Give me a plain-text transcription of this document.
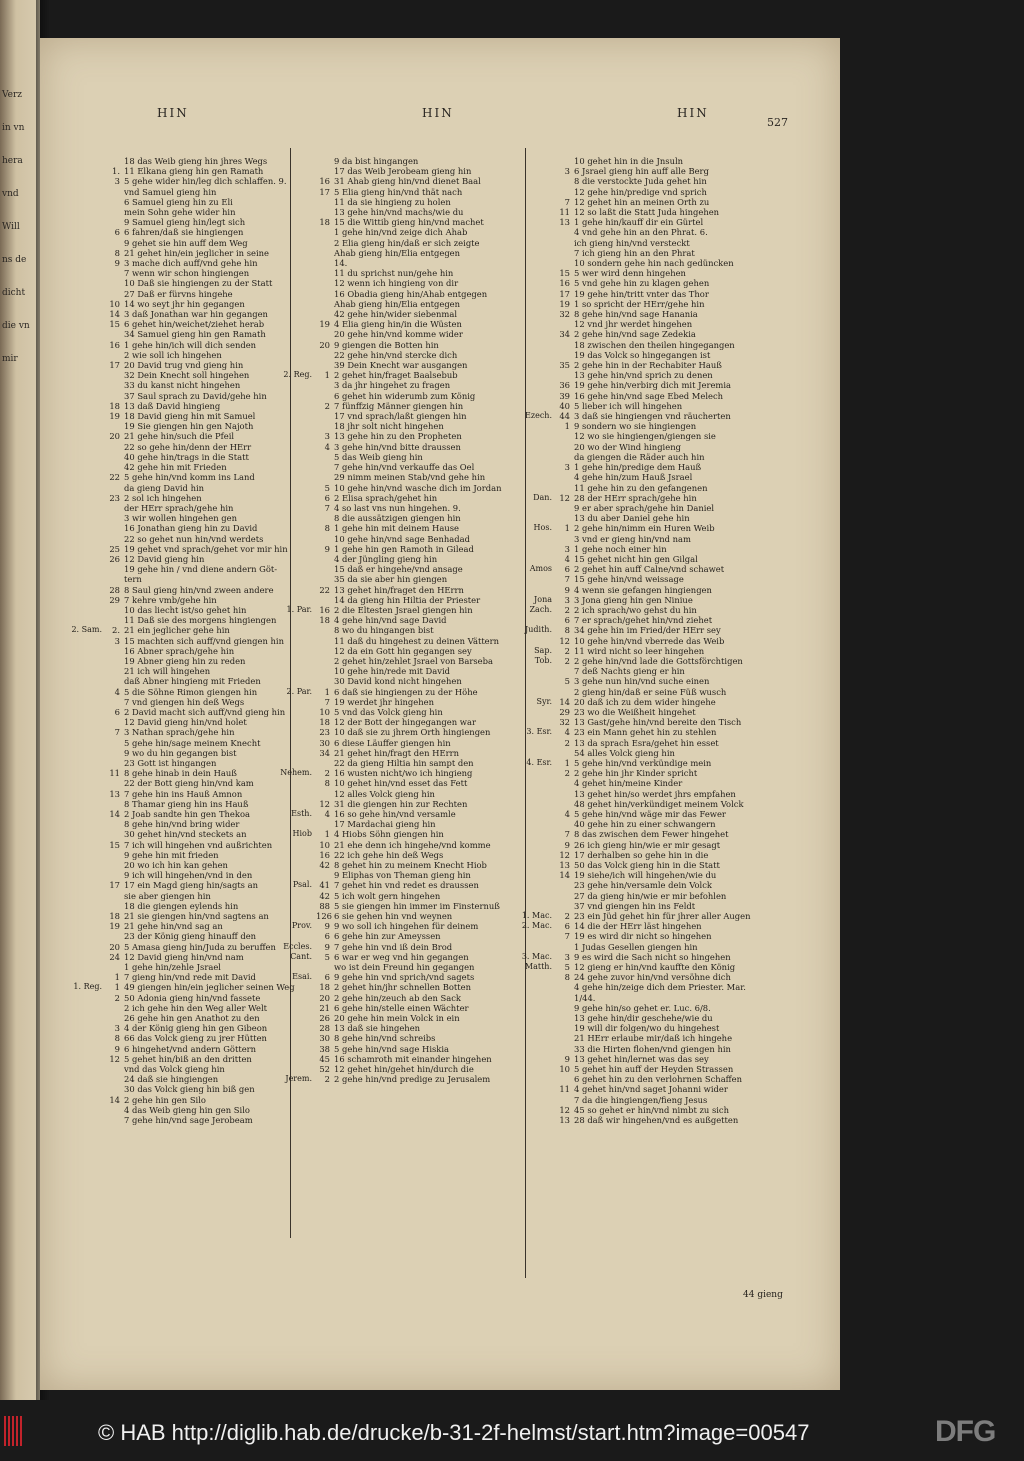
Verz

in vn

hera

vnd

Will

ns de

dicht

die vn

mir
HIN	HIN	HIN
527
18 das Weib gieng hin jhres Wegs
1. 11 Elkana gieng hin gen Ramath
3 5 gehe wider hin/leg dich schlaffen. 9.
vnd Samuel gieng hin
6 Samuel gieng hin zu Eli
mein Sohn gehe wider hin
9 Samuel gieng hin/legt sich
6 6 fahren/daß sie hingiengen
9 gehet sie hin auff dem Weg
8 21 gehet hin/ein jeglicher in seine
9 3 mache dich auff/vnd gehe hin
7 wenn wir schon hingiengen
10 Daß sie hingiengen zu der Statt
27 Daß er fürvns hingehe
10 14 wo seyt jhr hin gegangen
14 3 daß Jonathan war hin gegangen
15 6 gehet hin/weichet/ziehet herab
34 Samuel gieng hin gen Ramath
16 1 gehe hin/ich will dich senden
2 wie soll ich hingehen
17 20 David trug vnd gieng hin
32 Dein Knecht soll hingehen
33 du kanst nicht hingehen
37 Saul sprach zu David/gehe hin
18 13 daß David hingieng
19 18 David gieng hin mit Samuel
19 Sie giengen hin gen Najoth
20 21 gehe hin/such die Pfeil
22 so gehe hin/denn der HErr
40 gehe hin/trags in die Statt
42 gehe hin mit Frieden
22 5 gehe hin/vnd komm ins Land
da gieng David hin
23 2 sol ich hingehen
der HErr sprach/gehe hin
3 wir wollen hingehen gen
16 Jonathan gieng hin zu David
22 so gehet nun hin/vnd werdets
25 19 gehet vnd sprach/gehet vor mir hin
26 12 David gieng hin
19 gehe hin / vnd diene andern Göt-
tern
28 8 Saul gieng hin/vnd zween andere
29 7 kehre vmb/gehe hin
10 das liecht ist/so gehet hin
11 Daß sie des morgens hingiengen
2. Sam. 2. 21 ein jeglicher gehe hin
3 15 machten sich auff/vnd giengen hin
16 Abner sprach/gehe hin
19 Abner gieng hin zu reden
21 ich will hingehen
daß Abner hingieng mit Frieden
4 5 die Söhne Rimon giengen hin
7 vnd giengen hin deß Wegs
6 2 David macht sich auff/vnd gieng hin
12 David gieng hin/vnd holet
7 3 Nathan sprach/gehe hin
5 gehe hin/sage meinem Knecht
9 wo du hin gegangen bist
23 Gott ist hingangen
11 8 gehe hinab in dein Hauß
22 der Bott gieng hin/vnd kam
13 7 gehe hin ins Hauß Amnon
8 Thamar gieng hin ins Hauß
14 2 Joab sandte hin gen Thekoa
8 gehe hin/vnd bring wider
30 gehet hin/vnd steckets an
15 7 ich will hingehen vnd außrichten
9 gehe hin mit frieden
20 wo ich hin kan gehen
9 ich will hingehen/vnd in den
17 17 ein Magd gieng hin/sagts an
sie aber giengen hin
18 die giengen eylends hin
18 21 sie giengen hin/vnd sagtens an
19 21 gehe hin/vnd sag an
23 der König gieng hinauff den
20 5 Amasa gieng hin/Juda zu beruffen
24 12 David gieng hin/vnd nam
1 gehe hin/zehle Jsrael
1 7 gieng hin/vnd rede mit David
1. Reg. 1 49 giengen hin/ein jeglicher seinen Weg
2 50 Adonia gieng hin/vnd fassete
2 ich gehe hin den Weg aller Welt
26 gehe hin gen Anathot zu den
3 4 der König gieng hin gen Gibeon
8 66 das Volck gieng zu jrer Hütten
9 6 hingehet/vnd andern Göttern
12 5 gehet hin/biß an den dritten
vnd das Volck gieng hin
24 daß sie hingiengen
30 das Volck gieng hin biß gen
14 2 gehe hin gen Silo
4 das Weib gieng hin gen Silo
7 gehe hin/vnd sage Jerobeam
9 da bist hingangen
17 das Weib Jerobeam gieng hin
16 31 Ahab gieng hin/vnd dienet Baal
17 5 Elia gieng hin/vnd thät nach
11 da sie hingieng zu holen
13 gehe hin/vnd machs/wie du
18 15 die Wittib gieng hin/vnd machet
1 gehe hin/vnd zeige dich Ahab
2 Elia gieng hin/daß er sich zeigte
Ahab gieng hin/Elia entgegen
14.
11 du sprichst nun/gehe hin
12 wenn ich hingieng von dir
16 Obadia gieng hin/Ahab entgegen
Ahab gieng hin/Elia entgegen
42 gehe hin/wider siebenmal
19 4 Elia gieng hin/in die Wüsten
20 gehe hin/vnd komme wider
20 9 giengen die Botten hin
22 gehe hin/vnd stercke dich
39 Dein Knecht war ausgangen
2. Reg. 1 2 gehet hin/fraget Baalsebub
3 da jhr hingehet zu fragen
6 gehet hin widerumb zum König
2 7 fünffzig Männer giengen hin
17 vnd sprach/laßt giengen hin
18 jhr solt nicht hingehen
3 13 gehe hin zu den Propheten
4 3 gehe hin/vnd bitte draussen
5 das Weib gieng hin
7 gehe hin/vnd verkauffe das Oel
29 nimm meinen Stab/vnd gehe hin
5 10 gehe hin/vnd wasche dich im Jordan
6 2 Elisa sprach/gehet hin
7 4 so last vns nun hingehen. 9.
8 die aussätzigen giengen hin
8 1 gehe hin mit deinem Hause
10 gehe hin/vnd sage Benhadad
9 1 gehe hin gen Ramoth in Gilead
4 der Jüngling gieng hin
15 daß er hingehe/vnd ansage
35 da sie aber hin giengen
22 13 gehet hin/fraget den HErrn
14 da gieng hin Hiltia der Priester
1. Par. 16 2 die Eltesten Jsrael giengen hin
18 4 gehe hin/vnd sage David
8 wo du hingangen bist
11 daß du hingehest zu deinen Vättern
12 da ein Gott hin gegangen sey
2 gehet hin/zehlet Jsrael von Barseba
10 gehe hin/rede mit David
30 David kond nicht hingehen
2. Par. 1 6 daß sie hingiengen zu der Höhe
7 19 werdet jhr hingehen
10 5 vnd das Volck gieng hin
18 12 der Bott der hingegangen war
23 10 daß sie zu jhrem Orth hingiengen
30 6 diese Läuffer giengen hin
34 21 gehet hin/fragt den HErrn
22 da gieng Hiltia hin sampt den
Nehem. 2 16 wusten nicht/wo ich hingieng
8 10 gehet hin/vnd esset das Fett
12 alles Volck gieng hin
12 31 die giengen hin zur Rechten
Esth. 4 16 so gehe hin/vnd versamle
17 Mardachai gieng hin
Hiob 1 4 Hiobs Söhn giengen hin
10 21 ehe denn ich hingehe/vnd komme
16 22 ich gehe hin deß Wegs
42 8 gehet hin zu meinem Knecht Hiob
9 Eliphas von Theman gieng hin
Psal. 41 7 gehet hin vnd redet es draussen
42 5 ich wolt gern hingehen
88 5 sie giengen hin immer im Finsternuß
126 6 sie gehen hin vnd weynen
Prov. 9 9 wo soll ich hingehen für deinem
6 6 gehe hin zur Ameyssen
Eccles. 9 7 gehe hin vnd iß dein Brod
Cant. 5 6 war er weg vnd hin gegangen
wo ist dein Freund hin gegangen
Esai. 6 9 gehe hin vnd sprich/vnd sagets
18 2 gehet hin/jhr schnellen Botten
20 2 gehe hin/zeuch ab den Sack
21 6 gehe hin/stelle einen Wächter
26 20 gehe hin mein Volck in ein
28 13 daß sie hingehen
30 8 gehe hin/vnd schreibs
38 5 gehe hin/vnd sage Hiskia
45 16 schamroth mit einander hingehen
52 12 gehet hin/gehet hin/durch die
Jerem. 2 2 gehe hin/vnd predige zu Jerusalem
10 gehet hin in die Jnsuln
3 6 Jsrael gieng hin auff alle Berg
8 die verstockte Juda gehet hin
12 gehe hin/predige vnd sprich
7 12 gehet hin an meinen Orth zu
11 12 so laßt die Statt Juda hingehen
13 1 gehe hin/kauff dir ein Gürtel
4 vnd gehe hin an den Phrat. 6.
ich gieng hin/vnd versteckt
7 ich gieng hin an den Phrat
10 sondern gehe hin nach gedüncken
15 5 wer wird denn hingehen
16 5 vnd gehe hin zu klagen gehen
17 19 gehe hin/tritt vnter das Thor
19 1 so spricht der HErr/gehe hin
32 8 gehe hin/vnd sage Hanania
12 vnd jhr werdet hingehen
34 2 gehe hin/vnd sage Zedekia
18 zwischen den theilen hingegangen
19 das Volck so hingegangen ist
35 2 gehe hin in der Rechabiter Hauß
13 gehe hin/vnd sprich zu denen
36 19 gehe hin/verbirg dich mit Jeremia
39 16 gehe hin/vnd sage Ebed Melech
40 5 lieber ich will hingehen
Ezech. 44 3 daß sie hingiengen vnd räucherten
1 9 sondern wo sie hingiengen
12 wo sie hingiengen/giengen sie
20 wo der Wind hingieng
da giengen die Räder auch hin
3 1 gehe hin/predige dem Hauß
4 gehe hin/zum Hauß Jsrael
11 gehe hin zu den gefangenen
Dan. 12 28 der HErr sprach/gehe hin
9 er aber sprach/gehe hin Daniel
13 du aber Daniel gehe hin
Hos. 1 2 gehe hin/nimm ein Huren Weib
3 vnd er gieng hin/vnd nam
3 1 gehe noch einer hin
4 15 gehet nicht hin gen Gilgal
Amos 6 2 gehet hin auff Calne/vnd schawet
7 15 gehe hin/vnd weissage
9 4 wenn sie gefangen hingiengen
Jona 3 3 Jona gieng hin gen Niniue
Zach. 2 2 ich sprach/wo gehst du hin
6 7 er sprach/gehet hin/vnd ziehet
Judith. 8 34 gehe hin im Fried/der HErr sey
12 10 gehe hin/vnd vberrede das Weib
Sap. 2 11 wird nicht so leer hingehen
Tob. 2 2 gehe hin/vnd lade die Gottsförchtigen
7 deß Nachts gieng er hin
5 3 gehe nun hin/vnd suche einen
2 gieng hin/daß er seine Füß wusch
Syr. 14 20 daß ich zu dem wider hingehe
29 23 wo die Weißheit hingehet
32 13 Gast/gehe hin/vnd bereite den Tisch
3. Esr. 4 23 ein Mann gehet hin zu stehlen
2 13 da sprach Esra/gehet hin esset
54 alles Volck gieng hin
4. Esr. 1 5 gehe hin/vnd verkündige mein
2 2 gehe hin jhr Kinder spricht
4 gehet hin/meine Kinder
13 gehet hin/so werdet jhrs empfahen
48 gehet hin/verkündiget meinem Volck
4 5 gehe hin/vnd wäge mir das Fewer
40 gehe hin zu einer schwangern
7 8 das zwischen dem Fewer hingehet
9 26 ich gieng hin/wie er mir gesagt
12 17 derhalben so gehe hin in die
13 50 das Volck gieng hin in die Statt
14 19 siehe/ich will hingehen/wie du
23 gehe hin/versamle dein Volck
27 da gieng hin/wie er mir befohlen
37 vnd giengen hin ins Feldt
1. Mac. 2 23 ein Jüd gehet hin für jhrer aller Augen
2. Mac. 6 14 die der HErr läst hingehen
7 19 es wird dir nicht so hingehen
1 Judas Gesellen giengen hin
3. Mac. 3 9 es wird die Sach nicht so hingehen
Matth. 5 12 gieng er hin/vnd kauffte den König
8 24 gehe zuvor hin/vnd versöhne dich
4 gehe hin/zeige dich dem Priester. Mar.
1/44.
9 gehe hin/so gehet er. Luc. 6/8.
13 gehe hin/dir geschehe/wie du
19 will dir folgen/wo du hingehest
21 HErr erlaube mir/daß ich hingehe
33 die Hirten flohen/vnd giengen hin
9 13 gehet hin/lernet was das sey
10 5 gehet hin auff der Heyden Strassen
6 gehet hin zu den verlohrnen Schaffen
11 4 gehet hin/vnd saget Johanni wider
7 da die hingiengen/fieng Jesus
12 45 so gehet er hin/vnd nimbt zu sich
13 28 daß wir hingehen/vnd es außgetten
44 gieng
© HAB http://diglib.hab.de/drucke/b-31-2f-helmst/start.htm?image=00547	DFG
